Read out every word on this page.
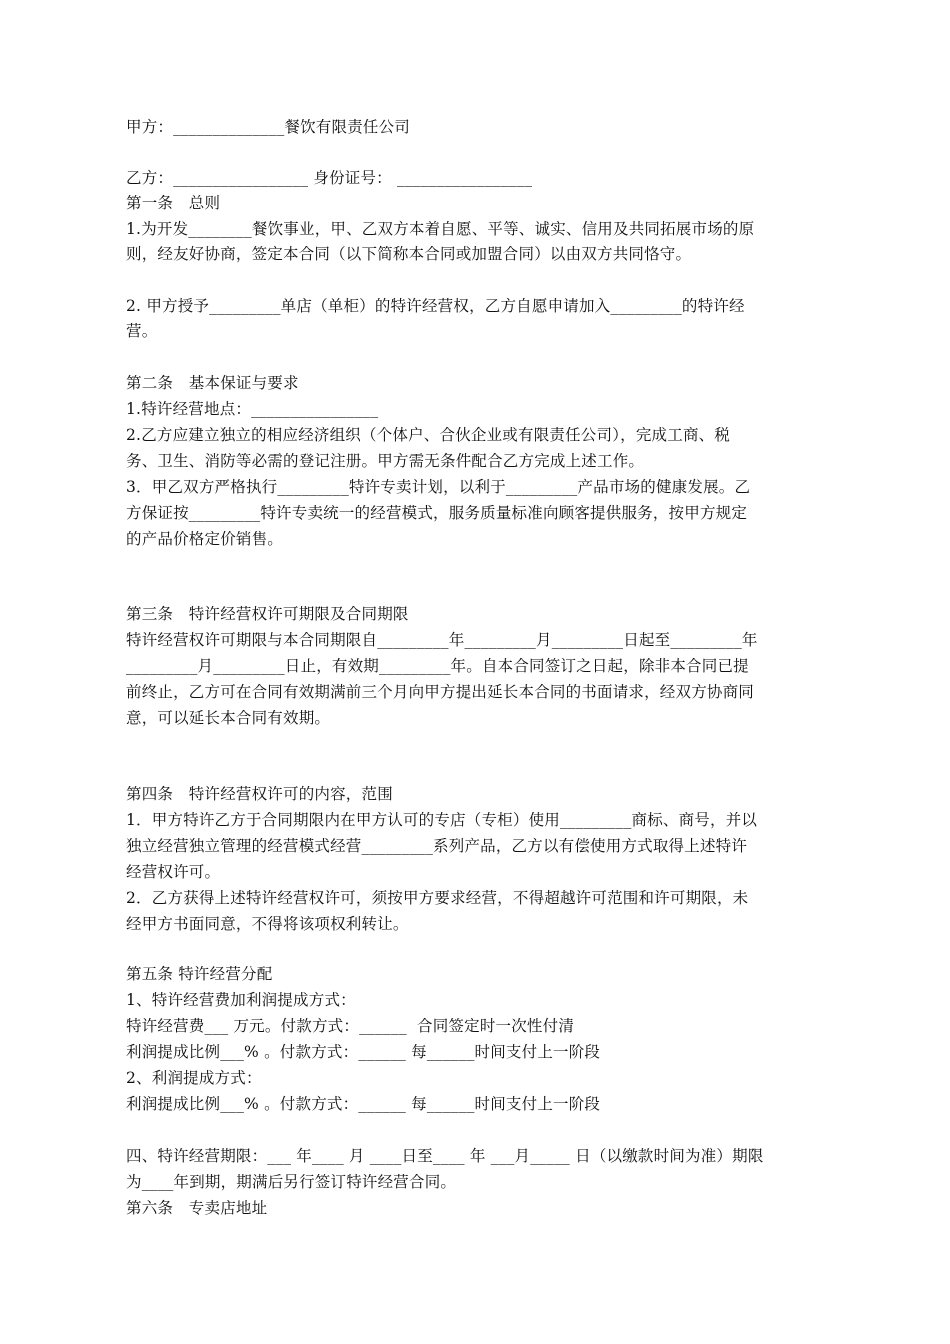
甲方：______________餐饮有限责任公司
乙方：_________________ 身份证号： _________________
第一条　总则
1.为开发________餐饮事业，甲、乙双方本着自愿、平等、诚实、信用及共同拓展市场的原
则，经友好协商，签定本合同（以下简称本合同或加盟合同）以由双方共同恪守。
2. 甲方授予_________单店（单柜）的特许经营权，乙方自愿申请加入_________的特许经
营。
第二条　基本保证与要求
1.特许经营地点：________________
2.乙方应建立独立的相应经济组织（个体户、合伙企业或有限责任公司），完成工商、税
务、卫生、消防等必需的登记注册。甲方需无条件配合乙方完成上述工作。
3．甲乙双方严格执行_________特许专卖计划，以利于_________产品市场的健康发展。乙
方保证按_________特许专卖统一的经营模式，服务质量标准向顾客提供服务，按甲方规定
的产品价格定价销售。
第三条　特许经营权许可期限及合同期限
特许经营权许可期限与本合同期限自_________年_________月_________日起至_________年
_________月_________日止，有效期_________年。自本合同签订之日起，除非本合同已提
前终止，乙方可在合同有效期满前三个月向甲方提出延长本合同的书面请求，经双方协商同
意，可以延长本合同有效期。
第四条　特许经营权许可的内容，范围
1．甲方特许乙方于合同期限内在甲方认可的专店（专柜）使用_________商标、商号，并以
独立经营独立管理的经营模式经营_________系列产品，乙方以有偿使用方式取得上述特许
经营权许可。
2．乙方获得上述特许经营权许可，须按甲方要求经营，不得超越许可范围和许可期限，未
经甲方书面同意，不得将该项权利转让。
第五条 特许经营分配
1、特许经营费加利润提成方式：
特许经营费___ 万元。付款方式：______  合同签定时一次性付清
利润提成比例___% 。付款方式：______ 每______时间支付上一阶段
2、利润提成方式：
利润提成比例___% 。付款方式：______ 每______时间支付上一阶段
四、特许经营期限：___ 年____ 月 ____日至____ 年 ___月_____ 日（以缴款时间为准）期限
为____年到期，期满后另行签订特许经营合同。
第六条　专卖店地址
